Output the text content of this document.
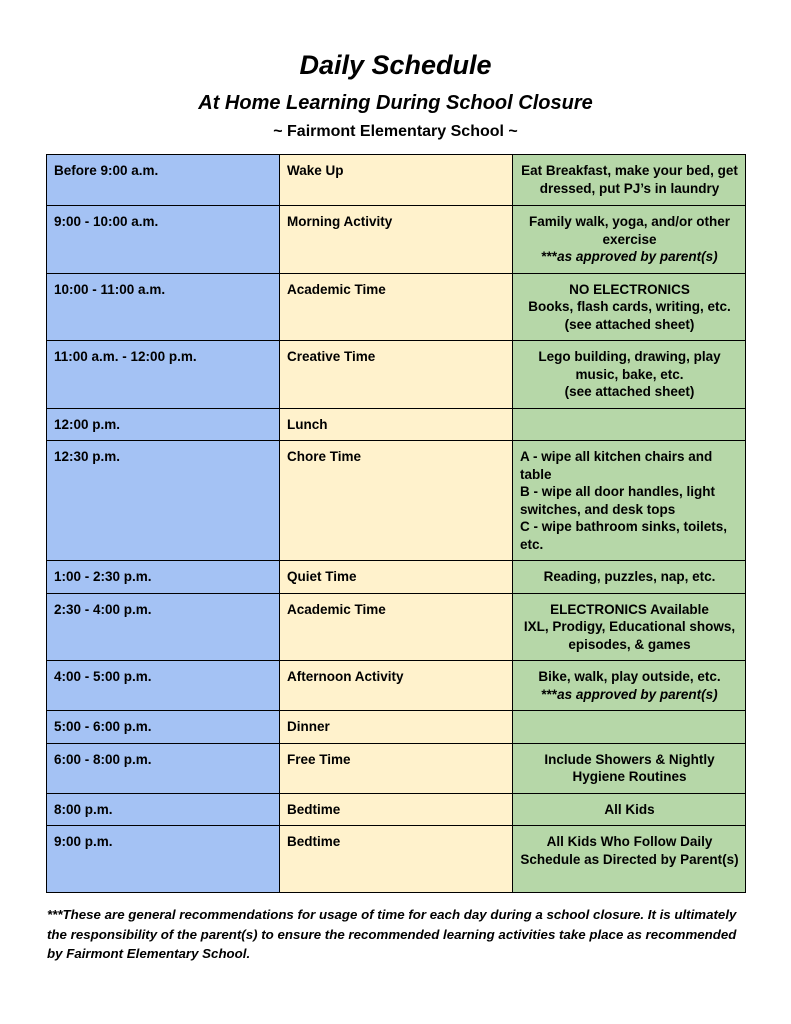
Daily Schedule
At Home Learning During School Closure
~ Fairmont Elementary School ~
Before 9:00 a.m.	Wake Up	Eat Breakfast, make your bed, get dressed, put PJ’s in laundry

9:00 - 10:00 a.m.	Morning Activity	Family walk, yoga, and/or other exercise
***as approved by parent(s)

10:00 - 11:00 a.m.	Academic Time	NO ELECTRONICS
Books, flash cards, writing, etc.
(see attached sheet)

11:00 a.m. - 12:00 p.m.	Creative Time	Lego building, drawing, play music, bake, etc.
(see attached sheet)

12:00 p.m.	Lunch	

12:30 p.m.	Chore Time	A - wipe all kitchen chairs and table
B - wipe all door handles, light switches, and desk tops
C - wipe bathroom sinks, toilets, etc.

1:00 - 2:30 p.m.	Quiet Time	Reading, puzzles, nap, etc.

2:30 - 4:00 p.m.	Academic Time	ELECTRONICS Available
IXL, Prodigy, Educational shows, episodes, & games

4:00 - 5:00 p.m.	Afternoon Activity	Bike, walk, play outside, etc.
***as approved by parent(s)

5:00 - 6:00 p.m.	Dinner	

6:00 - 8:00 p.m.	Free Time	Include Showers & Nightly Hygiene Routines

8:00 p.m.	Bedtime	All Kids

9:00 p.m.	Bedtime	All Kids Who Follow Daily Schedule as Directed by Parent(s)
***These are general recommendations for usage of time for each day during a school closure. It is ultimately the responsibility of the parent(s) to ensure the recommended learning activities take place as recommended by Fairmont Elementary School.
